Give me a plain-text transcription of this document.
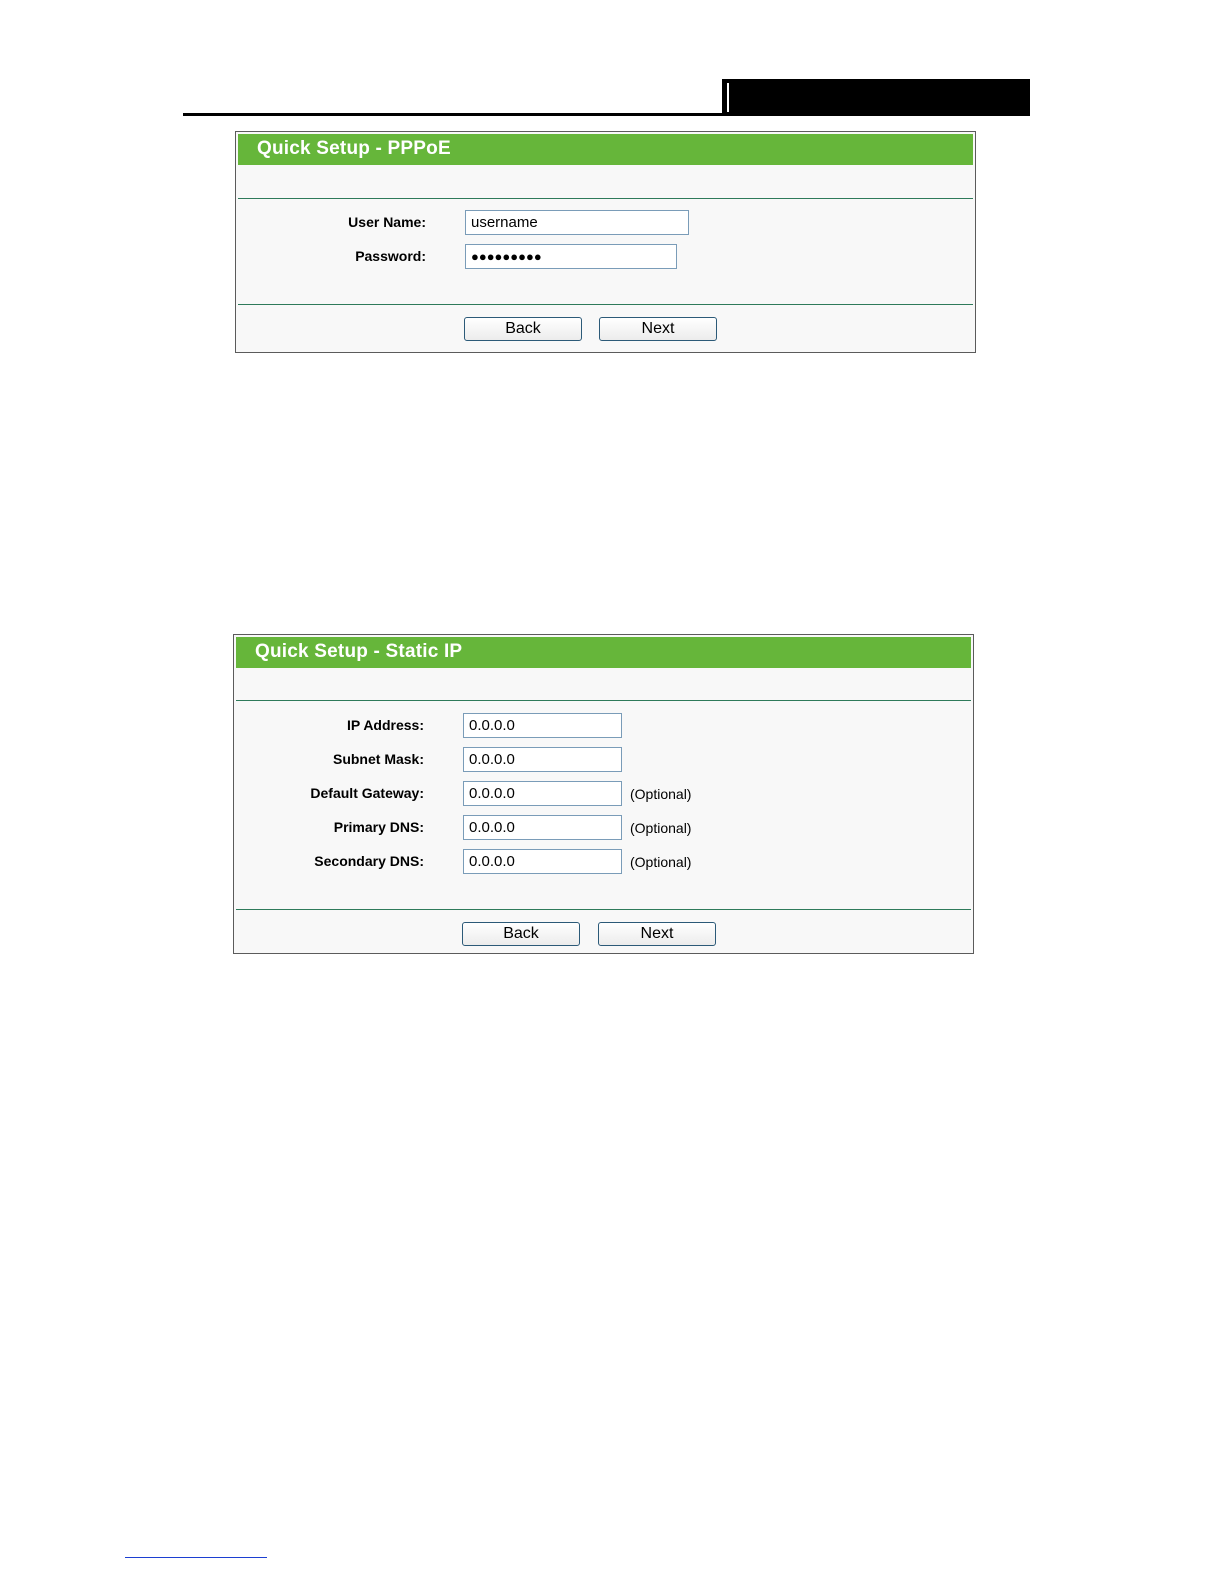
Quick Setup - PPPoE
User Name:
username
Password:	●●●●●●●●●
Back	Next
Quick Setup - Static IP
IP Address:
0.0.0.0
Subnet Mask:
0.0.0.0
Default Gateway:
0.0.0.0	(Optional)
Primary DNS:
0.0.0.0	(Optional)
Secondary DNS:
0.0.0.0	(Optional)
Back	Next
